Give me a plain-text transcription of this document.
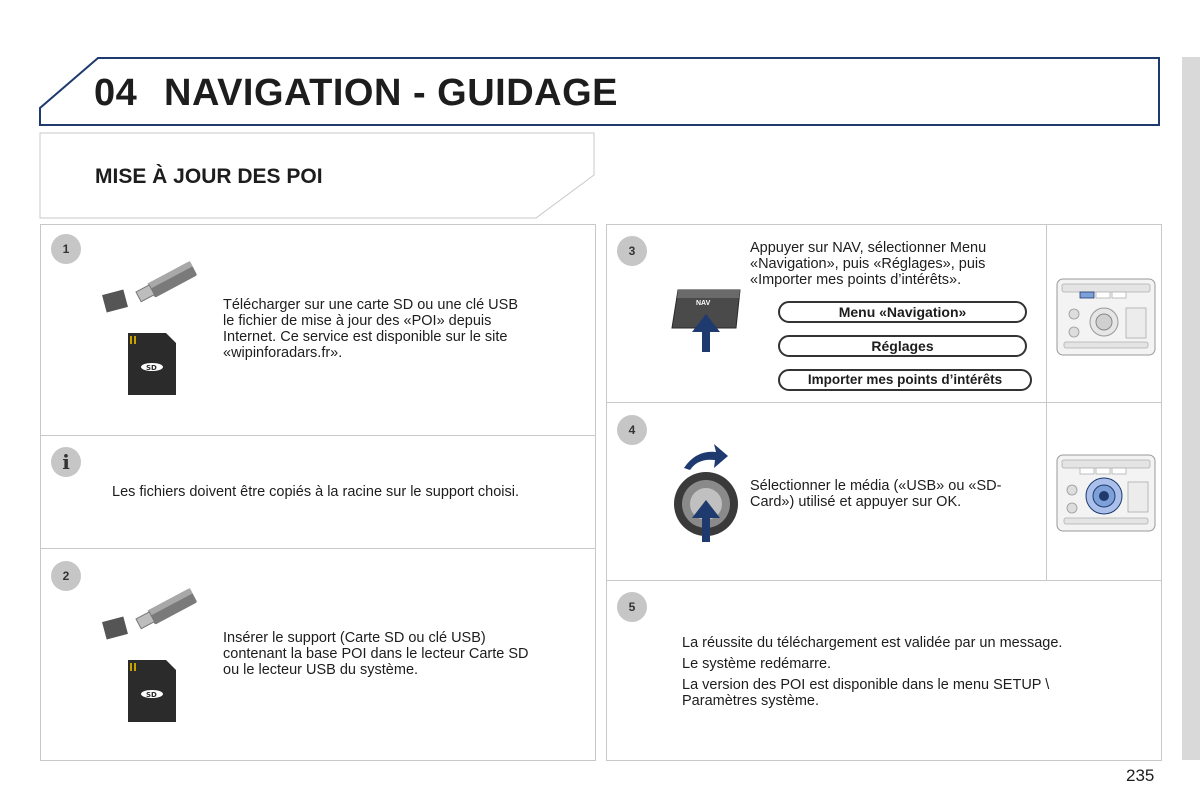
04 NAVIGATION - GUIDAGE
MISE À JOUR DES POI
1
SD
Télécharger sur une carte SD ou une clé USB
le fichier de mise à jour des «POI» depuis
Internet. Ce service est disponible sur le site
«wipinforadars.fr».
i
Les fichiers doivent être copiés à la racine sur le support choisi.
2
SD
Insérer le support (Carte SD ou clé USB)
contenant la base POI dans le lecteur Carte SD
ou le lecteur USB du système.
3
NAV
Appuyer sur NAV, sélectionner Menu
«Navigation», puis «Réglages», puis
«Importer mes points d’intérêts».
Menu «Navigation»
Réglages
Importer mes points d’intérêts
4
Sélectionner le média («USB» ou «SD-
Card») utilisé et appuyer sur OK.
5
La réussite du téléchargement est validée par un message.
Le système redémarre.
La version des POI est disponible dans le menu SETUP \
Paramètres système.
235
